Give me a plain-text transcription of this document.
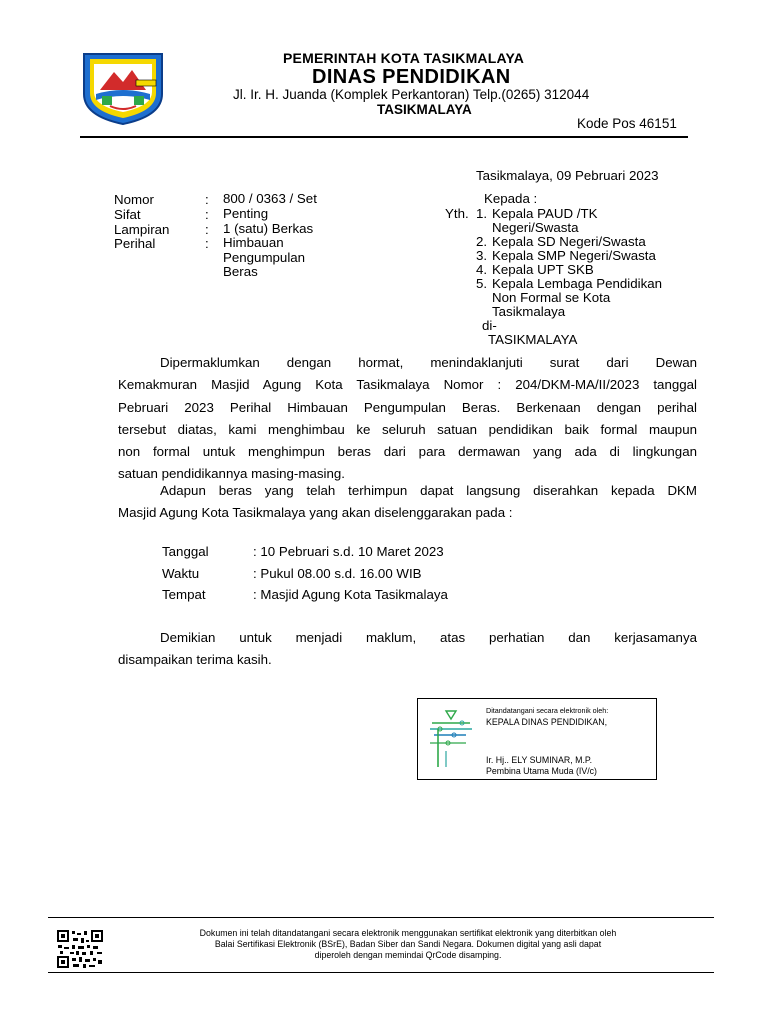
PEMERINTAH KOTA TASIKMALAYA
DINAS PENDIDIKAN
Jl. Ir. H. Juanda (Komplek Perkantoran) Telp.(0265) 312044
TASIKMALAYA
Kode Pos 46151
Tasikmalaya, 09 Pebruari 2023
Nomor	: 800 / 0363 / Set
Sifat	: Penting
Lampiran	: 1 (satu) Berkas
Perihal	: Himbauan
Pengumpulan
Beras
Kepada :
Yth. 1. Kepala PAUD /TK
Negeri/Swasta
2. Kepala SD Negeri/Swasta
3. Kepala SMP Negeri/Swasta
4. Kepala UPT SKB
5. Kepala Lembaga Pendidikan
Non Formal se Kota
Tasikmalaya
di-
TASIKMALAYA
Dipermaklumkan dengan hormat, menindaklanjuti surat dari Dewan
Kemakmuran Masjid Agung Kota Tasikmalaya Nomor : 204/DKM-MA/II/2023 tanggal
Pebruari 2023 Perihal Himbauan Pengumpulan Beras. Berkenaan dengan perihal
tersebut diatas, kami menghimbau ke seluruh satuan pendidikan baik formal maupun
non formal untuk menghimpun beras dari para dermawan yang ada di lingkungan
satuan pendidikannya masing-masing.
Adapun beras yang telah terhimpun dapat langsung diserahkan kepada DKM
Masjid Agung Kota Tasikmalaya yang akan diselenggarakan pada :
Tanggal	: 10 Pebruari s.d. 10 Maret 2023
Waktu	: Pukul 08.00 s.d. 16.00 WIB
Tempat	: Masjid Agung Kota Tasikmalaya
Demikian untuk menjadi maklum, atas perhatian dan kerjasamanya
disampaikan terima kasih.
Ditandatangani secara elektronik oleh:
KEPALA DINAS PENDIDIKAN,
Ir. Hj.. ELY SUMINAR, M.P.
Pembina Utama Muda (IV/c)
Dokumen ini telah ditandatangani secara elektronik menggunakan sertifikat elektronik yang diterbitkan oleh
Balai Sertifikasi Elektronik (BSrE), Badan Siber dan Sandi Negara. Dokumen digital yang asli dapat
diperoleh dengan memindai QrCode disamping.
